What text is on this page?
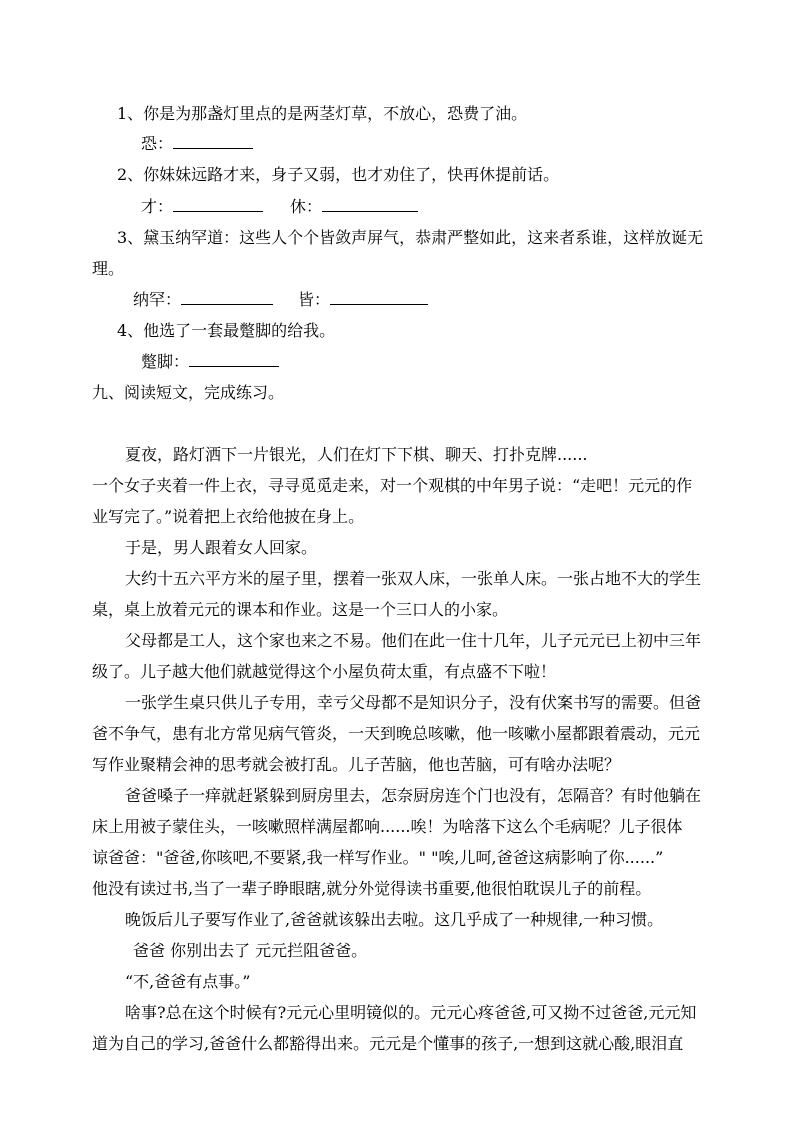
1、你是为那盏灯里点的是两茎灯草，不放心，恐费了油。
恐：
2、你妹妹远路才来，身子又弱，也才劝住了，快再休提前话。
才：	休：
3、黛玉纳罕道：这些人个个皆敛声屏气，恭肃严整如此，这来者系谁，这样放诞无
理。
纳罕：	皆：
4、他选了一套最蹩脚的给我。
蹩脚：
九、阅读短文，完成练习。
夏夜，路灯洒下一片银光，人们在灯下下棋、聊天、打扑克牌......
一个女子夹着一件上衣，寻寻觅觅走来，对一个观棋的中年男子说：“走吧！元元的作
业写完了。”说着把上衣给他披在身上。
于是，男人跟着女人回家。
大约十五六平方米的屋子里，摆着一张双人床，一张单人床。一张占地不大的学生
桌，桌上放着元元的课本和作业。这是一个三口人的小家。
父母都是工人，这个家也来之不易。他们在此一住十几年，儿子元元已上初中三年
级了。儿子越大他们就越觉得这个小屋负荷太重，有点盛不下啦！
一张学生桌只供儿子专用，幸亏父母都不是知识分子，没有伏案书写的需要。但爸
爸不争气，患有北方常见病气管炎，一天到晚总咳嗽，他一咳嗽小屋都跟着震动，元元
写作业聚精会神的思考就会被打乱。儿子苦脑，他也苦脑，可有啥办法呢？
爸爸嗓子一痒就赶紧躲到厨房里去，怎奈厨房连个门也没有，怎隔音？有时他躺在
床上用被子蒙住头，一咳嗽照样满屋都响......唉！为啥落下这么个毛病呢？儿子很体
谅爸爸："爸爸,你咳吧,不要紧,我一样写作业。" "唉,儿呵,爸爸这病影响了你......”
他没有读过书,当了一辈子睁眼瞎,就分外觉得读书重要,他很怕耽误儿子的前程。
晚饭后儿子要写作业了,爸爸就该躲出去啦。这几乎成了一种规律,一种习惯。
爸爸 你别出去了 元元拦阻爸爸。
“不,爸爸有点事。”
啥事?总在这个时候有?元元心里明镜似的。元元心疼爸爸,可又拗不过爸爸,元元知
道为自己的学习,爸爸什么都豁得出来。元元是个懂事的孩子,一想到这就心酸,眼泪直
